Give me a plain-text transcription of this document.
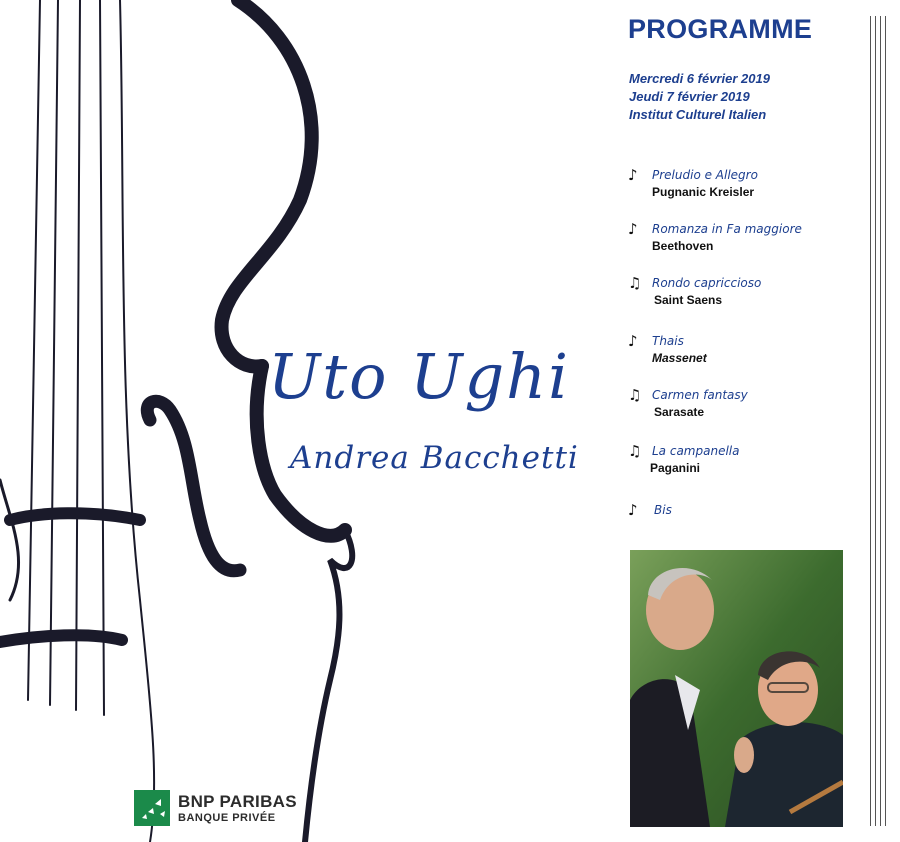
Uto Ughi
Andrea Bacchetti
BNP PARIBAS
BANQUE PRIVÉE
PROGRAMME
Mercredi 6 février 2019
Jeudi 7 février 2019
Institut Culturel Italien
♪ Preludio e Allegro
Pugnanic Kreisler
♪ Romanza in Fa maggiore
Beethoven
♫ Rondo capriccioso
Saint Saens
♪ Thais
Massenet
♫ Carmen fantasy
Sarasate
♫ La campanella
Paganini
♪ Bis
